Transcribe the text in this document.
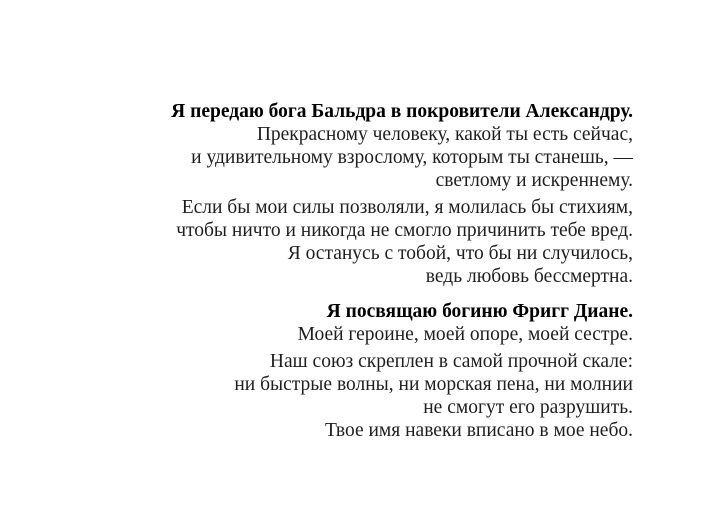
Я передаю бога Бальдра в покровители Александру.
Прекрасному человеку, какой ты есть сейчас,
и удивительному взрослому, которым ты станешь, —
светлому и искреннему.
Если бы мои силы позволяли, я молилась бы стихиям,
чтобы ничто и никогда не смогло причинить тебе вред.
Я останусь с тобой, что бы ни случилось,
ведь любовь бессмертна.
Я посвящаю богиню Фригг Диане.
Моей героине, моей опоре, моей сестре.
Наш союз скреплен в самой прочной скале:
ни быстрые волны, ни морская пена, ни молнии
не смогут его разрушить.
Твое имя навеки вписано в мое небо.
